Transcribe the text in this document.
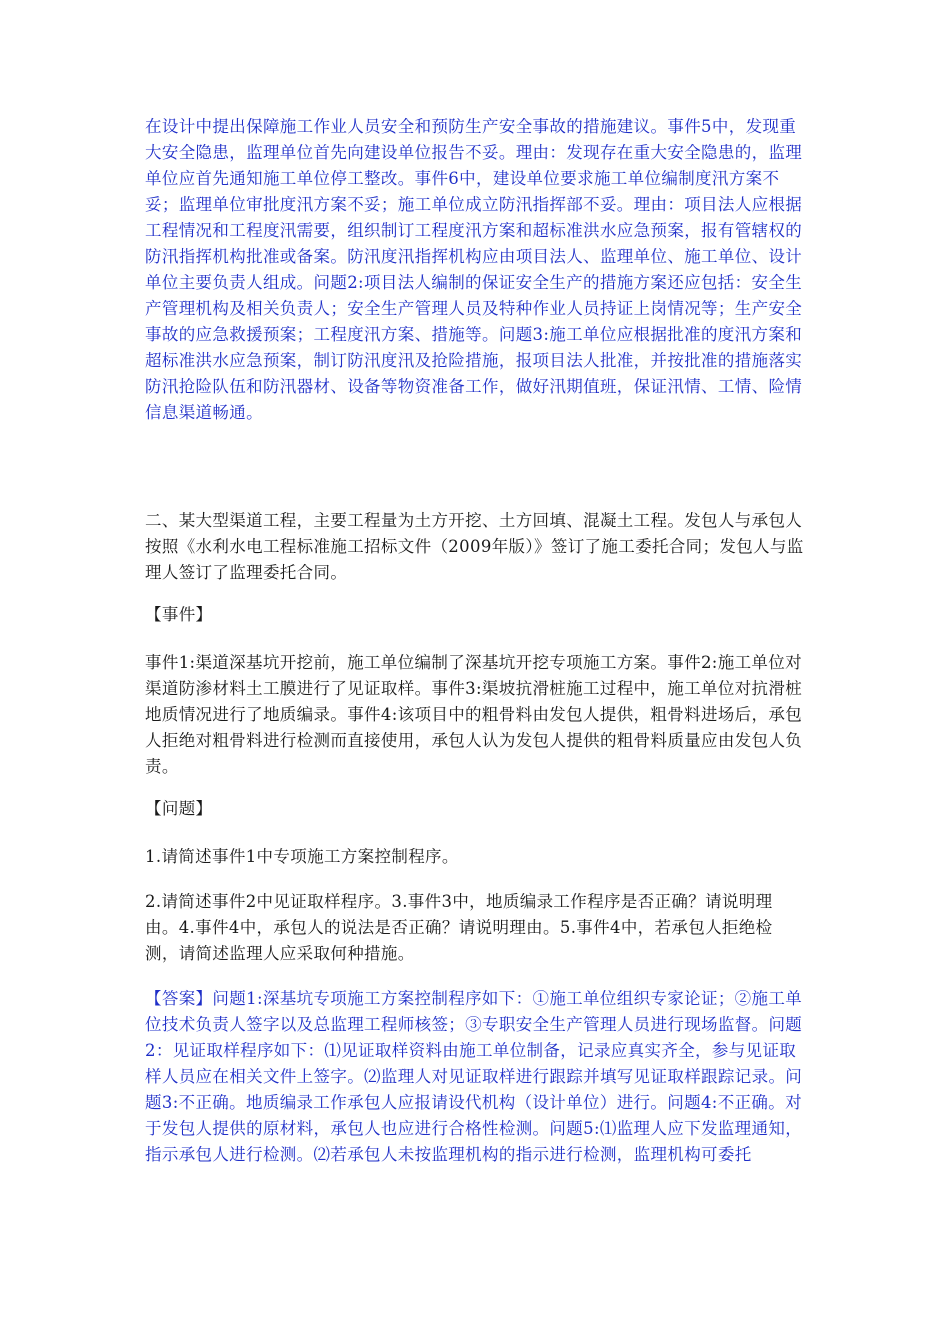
在设计中提出保障施工作业人员安全和预防生产安全事故的措施建议。事件5中，发现重大安全隐患，监理单位首先向建设单位报告不妥。理由：发现存在重大安全隐患的，监理单位应首先通知施工单位停工整改。事件6中，建设单位要求施工单位编制度汛方案不妥；监理单位审批度汛方案不妥；施工单位成立防汛指挥部不妥。理由：项目法人应根据工程情况和工程度汛需要，组织制订工程度汛方案和超标准洪水应急预案，报有管辖权的防汛指挥机构批准或备案。防汛度汛指挥机构应由项目法人、监理单位、施工单位、设计单位主要负责人组成。问题2:项目法人编制的保证安全生产的措施方案还应包括：安全生产管理机构及相关负责人；安全生产管理人员及特种作业人员持证上岗情况等；生产安全事故的应急救援预案；工程度汛方案、措施等。问题3:施工单位应根据批准的度汛方案和超标准洪水应急预案，制订防汛度汛及抢险措施，报项目法人批准，并按批准的措施落实防汛抢险队伍和防汛器材、设备等物资准备工作，做好汛期值班，保证汛情、工情、险情信息渠道畅通。

二、某大型渠道工程，主要工程量为土方开挖、土方回填、混凝土工程。发包人与承包人按照《水利水电工程标准施工招标文件（2009年版）》签订了施工委托合同；发包人与监理人签订了监理委托合同。

【事件】

事件1:渠道深基坑开挖前，施工单位编制了深基坑开挖专项施工方案。事件2:施工单位对渠道防渗材料土工膜进行了见证取样。事件3:渠坡抗滑桩施工过程中，施工单位对抗滑桩地质情况进行了地质编录。事件4:该项目中的粗骨料由发包人提供，粗骨料进场后，承包人拒绝对粗骨料进行检测而直接使用，承包人认为发包人提供的粗骨料质量应由发包人负责。

【问题】

1.请简述事件1中专项施工方案控制程序。

2.请简述事件2中见证取样程序。3.事件3中，地质编录工作程序是否正确？请说明理由。4.事件4中，承包人的说法是否正确？请说明理由。5.事件4中，若承包人拒绝检测，请简述监理人应采取何种措施。

【答案】问题1:深基坑专项施工方案控制程序如下：①施工单位组织专家论证；②施工单位技术负责人签字以及总监理工程师核签；③专职安全生产管理人员进行现场监督。问题2：见证取样程序如下：⑴见证取样资料由施工单位制备，记录应真实齐全，参与见证取样人员应在相关文件上签字。⑵监理人对见证取样进行跟踪并填写见证取样跟踪记录。问题3:不正确。地质编录工作承包人应报请设代机构（设计单位）进行。问题4:不正确。对于发包人提供的原材料，承包人也应进行合格性检测。问题5:⑴监理人应下发监理通知，指示承包人进行检测。⑵若承包人未按监理机构的指示进行检测，监理机构可委托
